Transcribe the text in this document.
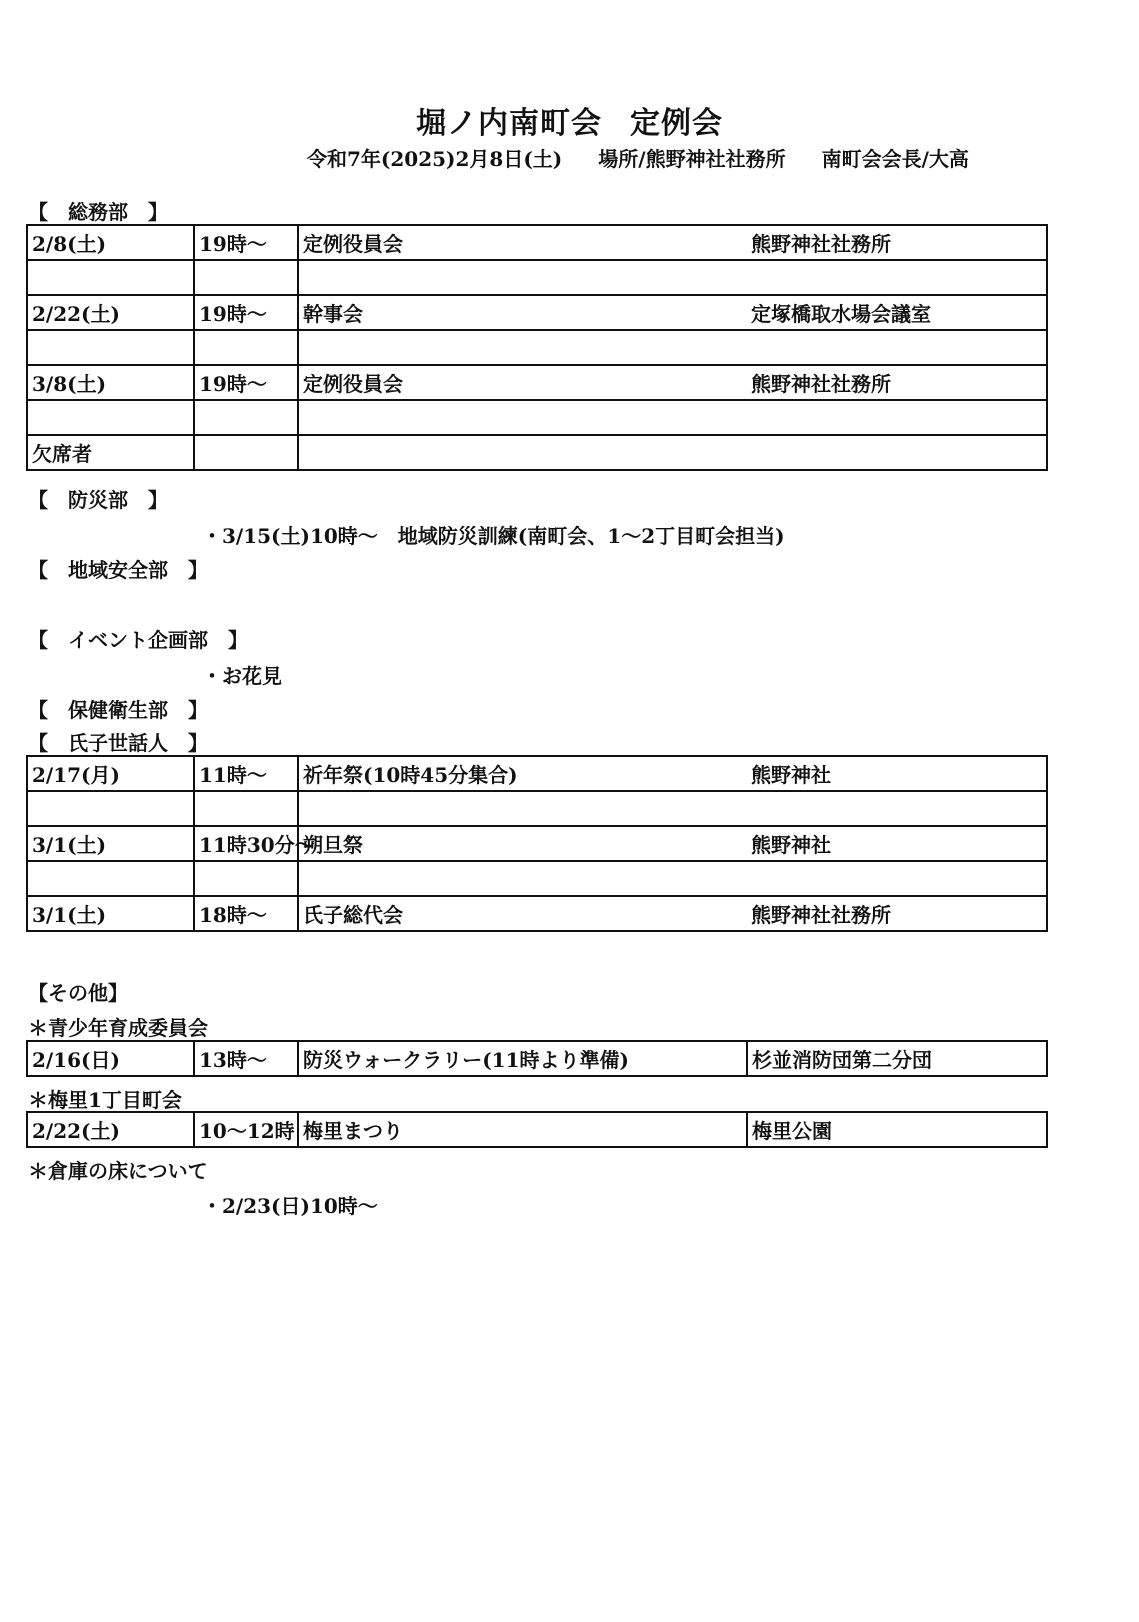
堀ノ内南町会 定例会
令和7年(2025)2月8日(土) 場所/熊野神社社務所 南町会会長/大高
【　総務部　】
2/8(土)	19時〜	定例役員会	熊野神社社務所

2/22(土)	19時〜	幹事会	定塚橋取水場会議室

3/8(土)	19時〜	定例役員会	熊野神社社務所

欠席者			
【　防災部　】
・3/15(土)10時〜　地域防災訓練(南町会、1〜2丁目町会担当)
【　地域安全部　】
【　イベント企画部　】
・お花見
【　保健衛生部　】
【　氏子世話人　】
2/17(月)	11時〜	祈年祭(10時45分集合)	熊野神社

3/1(土)	11時30分〜	朔旦祭	熊野神社

3/1(土)	18時〜	氏子総代会	熊野神社社務所
【その他】
＊青少年育成委員会
2/16(日)	13時〜	防災ウォークラリー(11時より準備)	杉並消防団第二分団
＊梅里1丁目町会
2/22(土)	10〜12時	梅里まつり	梅里公園
＊倉庫の床について
・2/23(日)10時〜
